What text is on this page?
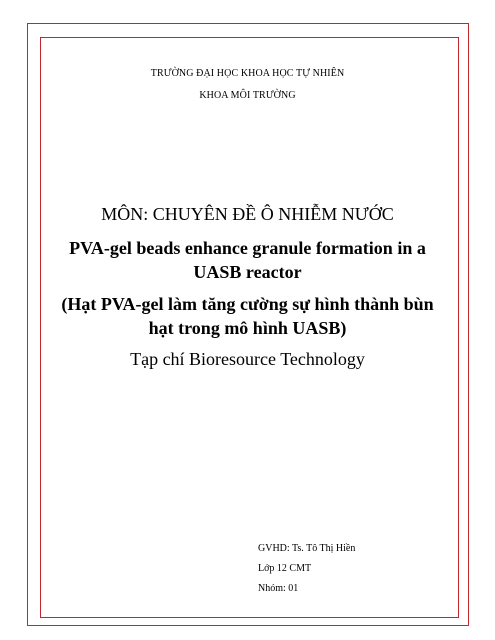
TRƯỜNG ĐẠI HỌC KHOA HỌC TỰ NHIÊN
KHOA MÔI TRƯỜNG
MÔN: CHUYÊN ĐỀ Ô NHIỄM NƯỚC
PVA-gel beads enhance granule formation in a UASB reactor
(Hạt PVA-gel làm tăng cường sự hình thành bùn hạt trong mô hình UASB)
Tạp chí Bioresource Technology
GVHD: Ts. Tô Thị Hiền
Lớp 12 CMT
Nhóm: 01
